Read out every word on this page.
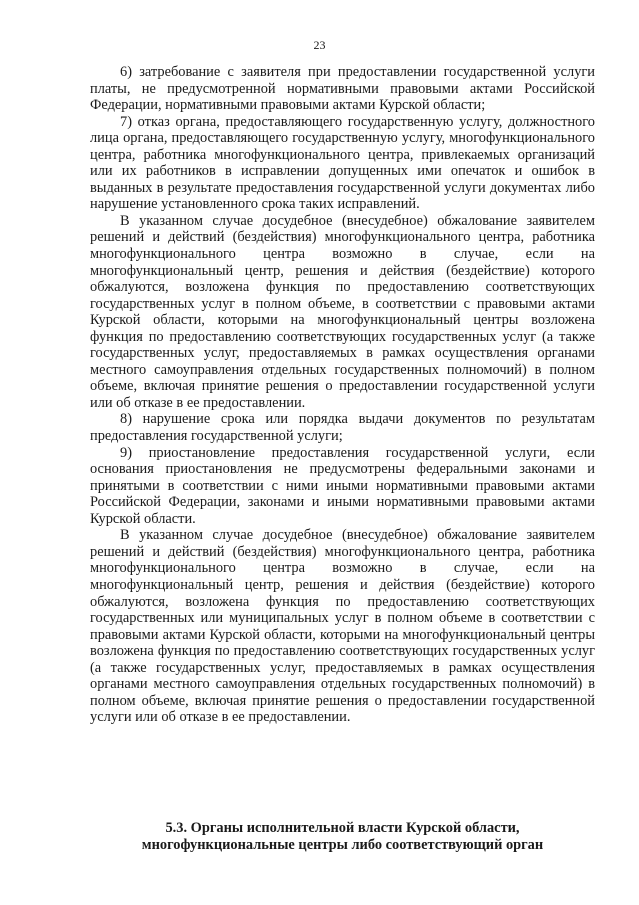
23

6) затребование с заявителя при предоставлении государственной услуги платы, не предусмотренной нормативными правовыми актами Российской Федерации, нормативными правовыми актами Курской области;

7) отказ органа, предоставляющего государственную услугу, должностного лица органа, предоставляющего государственную услугу, многофункционального центра, работника многофункционального центра, привлекаемых организаций или их работников в исправлении допущенных ими опечаток и ошибок в выданных в результате предоставления государственной услуги документах либо нарушение установленного срока таких исправлений.

В указанном случае досудебное (внесудебное) обжалование заявителем решений и действий (бездействия) многофункционального центра, работника многофункционального центра возможно в случае, если на многофункциональный центр, решения и действия (бездействие) которого обжалуются, возложена функция по предоставлению соответствующих государственных услуг в полном объеме, в соответствии с правовыми актами Курской области, которыми на многофункциональный центры возложена функция по предоставлению соответствующих государственных услуг (а также государственных услуг, предоставляемых в рамках осуществления органами местного самоуправления отдельных государственных полномочий) в полном объеме, включая принятие решения о предоставлении государственной услуги или об отказе в ее предоставлении.

8) нарушение срока или порядка выдачи документов по результатам предоставления государственной услуги;

9) приостановление предоставления государственной услуги, если основания приостановления не предусмотрены федеральными законами и принятыми в соответствии с ними иными нормативными правовыми актами Российской Федерации, законами и иными нормативными правовыми актами Курской области.

В указанном случае досудебное (внесудебное) обжалование заявителем решений и действий (бездействия) многофункционального центра, работника многофункционального центра возможно в случае, если на многофункциональный центр, решения и действия (бездействие) которого обжалуются, возложена функция по предоставлению соответствующих государственных или муниципальных услуг в полном объеме в соответствии с правовыми актами Курской области, которыми на многофункциональный центры возложена функция по предоставлению соответствующих государственных услуг (а также государственных услуг, предоставляемых в рамках осуществления органами местного самоуправления отдельных государственных полномочий) в полном объеме, включая принятие решения о предоставлении государственной услуги или об отказе в ее предоставлении.

5.3. Органы исполнительной власти Курской области,
многофункциональные центры либо соответствующий орган
